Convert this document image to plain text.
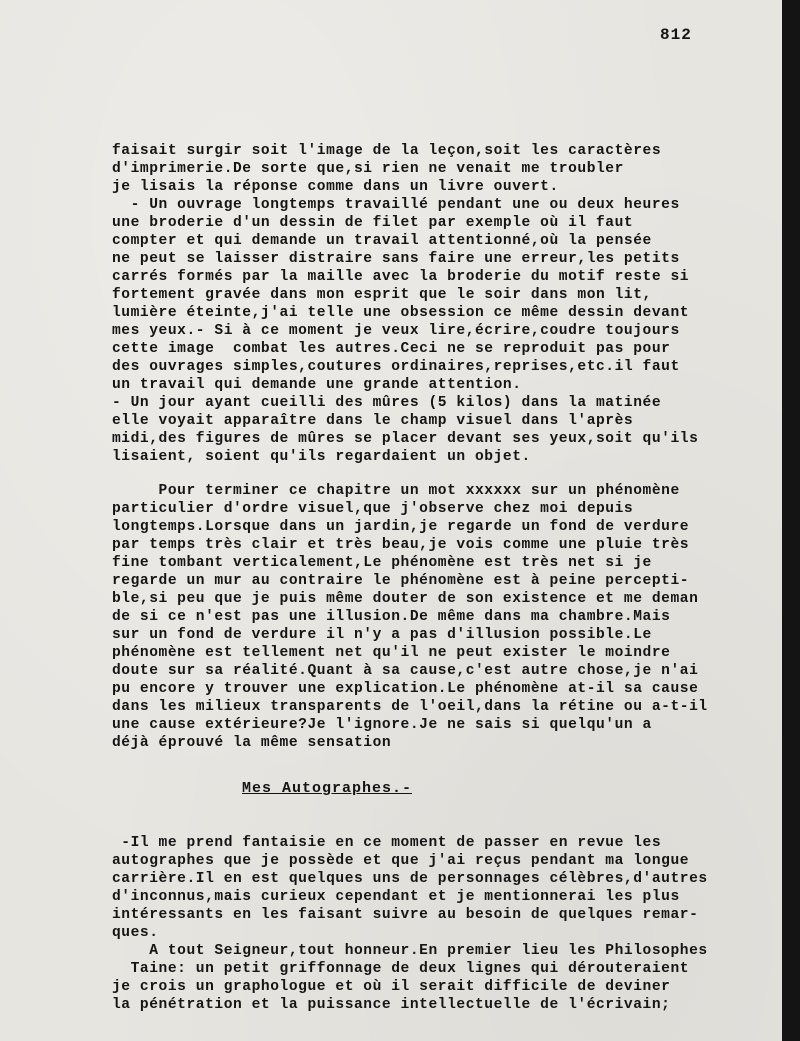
812
faisait surgir soit l'image de la leçon,soit les caractères
d'imprimerie.De sorte que,si rien ne venait me troubler
je lisais la réponse comme dans un livre ouvert.
- Un ouvrage longtemps travaillé pendant une ou deux heures
une broderie d'un dessin de filet par exemple où il faut
compter et qui demande un travail attentionné,où la pensée
ne peut se laisser distraire sans faire une erreur,les petits
carrés formés par la maille avec la broderie du motif reste si
fortement gravée dans mon esprit que le soir dans mon lit,
lumière éteinte,j'ai telle une obsession ce même dessin devant
mes yeux.- Si à ce moment je veux lire,écrire,coudre toujours
cette image  combat les autres.Ceci ne se reproduit pas pour
des ouvrages simples,coutures ordinaires,reprises,etc.il faut
un travail qui demande une grande attention.
- Un jour ayant cueilli des mûres (5 kilos) dans la matinée
elle voyait apparaître dans le champ visuel dans l'après
midi,des figures de mûres se placer devant ses yeux,soit qu'ils
lisaient, soient qu'ils regardaient un objet.
Pour terminer ce chapitre un mot xxxxxx sur un phénomène
particulier d'ordre visuel,que j'observe chez moi depuis
longtemps.Lorsque dans un jardin,je regarde un fond de verdure
par temps très clair et très beau,je vois comme une pluie très
fine tombant verticalement,Le phénomène est très net si je
regarde un mur au contraire le phénomène est à peine percepti-
ble,si peu que je puis même douter de son existence et me deman
de si ce n'est pas une illusion.De même dans ma chambre.Mais
sur un fond de verdure il n'y a pas d'illusion possible.Le
phénomène est tellement net qu'il ne peut exister le moindre
doute sur sa réalité.Quant à sa cause,c'est autre chose,je n'ai
pu encore y trouver une explication.Le phénomène at-il sa cause
dans les milieux transparents de l'oeil,dans la rétine ou a-t-il
une cause extérieure?Je l'ignore.Je ne sais si quelqu'un a
déjà éprouvé la même sensation
Mes Autographes.-
-Il me prend fantaisie en ce moment de passer en revue les
autographes que je possède et que j'ai reçus pendant ma longue
carrière.Il en est quelques uns de personnages célèbres,d'autres
d'inconnus,mais curieux cependant et je mentionnerai les plus
intéressants en les faisant suivre au besoin de quelques remar-
ques.
A tout Seigneur,tout honneur.En premier lieu les Philosophes
Taine: un petit griffonnage de deux lignes qui dérouteraient
je crois un graphologue et où il serait difficile de deviner
la pénétration et la puissance intellectuelle de l'écrivain;
